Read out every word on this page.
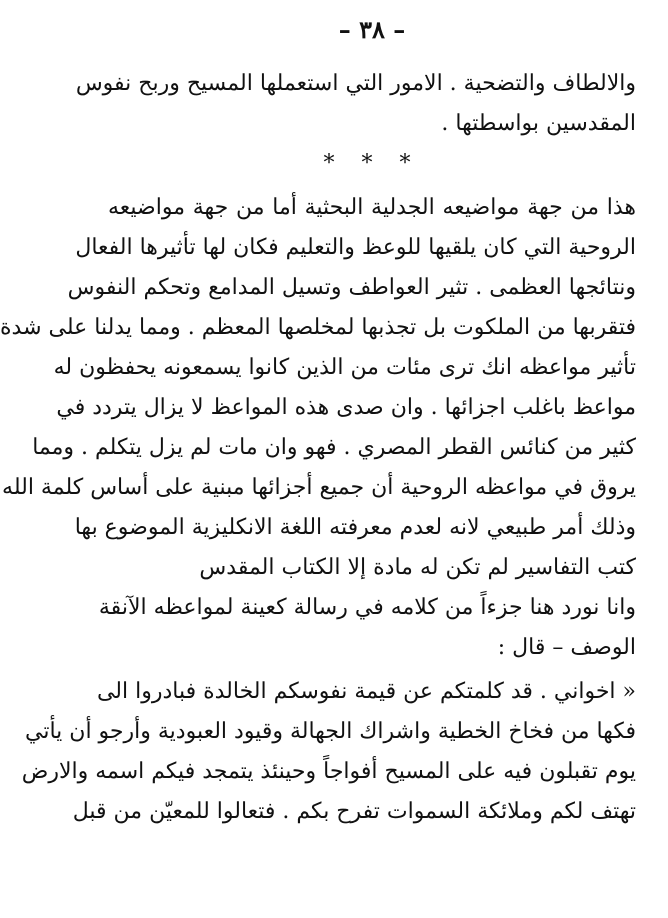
– ٣٨ –
والالطاف والتضحية . الامور التي استعملها المسيح وربح نفوس
المقدسين بواسطتها .
* * *
هذا من جهة مواضيعه الجدلية البحثية أما من جهة مواضيعه
الروحية التي كان يلقيها للوعظ والتعليم فكان لها تأثيرها الفعال
ونتائجها العظمى . تثير العواطف وتسيل المدامع وتحكم النفوس
فتقربها من الملكوت بل تجذبها لمخلصها المعظم . ومما يدلنا على شدة
تأثير مواعظه انك ترى مئات من الذين كانوا يسمعونه يحفظون له
مواعظ باغلب اجزائها . وان صدى هذه المواعظ لا يزال يتردد في
كثير من كنائس القطر المصري . فهو وان مات لم يزل يتكلم . ومما
يروق في مواعظه الروحية أن جميع أجزائها مبنية على أساس كلمة الله
وذلك أمر طبيعي لانه لعدم معرفته اللغة الانكليزية الموضوع بها
كتب التفاسير لم تكن له مادة إلا الكتاب المقدس
وانا نورد هنا جزءاً من كلامه في رسالة كعينة لمواعظه الآنقة
الوصف – قال :
« اخواني . قد كلمتكم عن قيمة نفوسكم الخالدة فبادروا الى
فكها من فخاخ الخطية واشراك الجهالة وقيود العبودية وأرجو أن يأتي
يوم تقبلون فيه على المسيح أفواجاً وحينئذ يتمجد فيكم اسمه والارض
تهتف لكم وملائكة السموات تفرح بكم . فتعالوا للمعيّن من قبل
